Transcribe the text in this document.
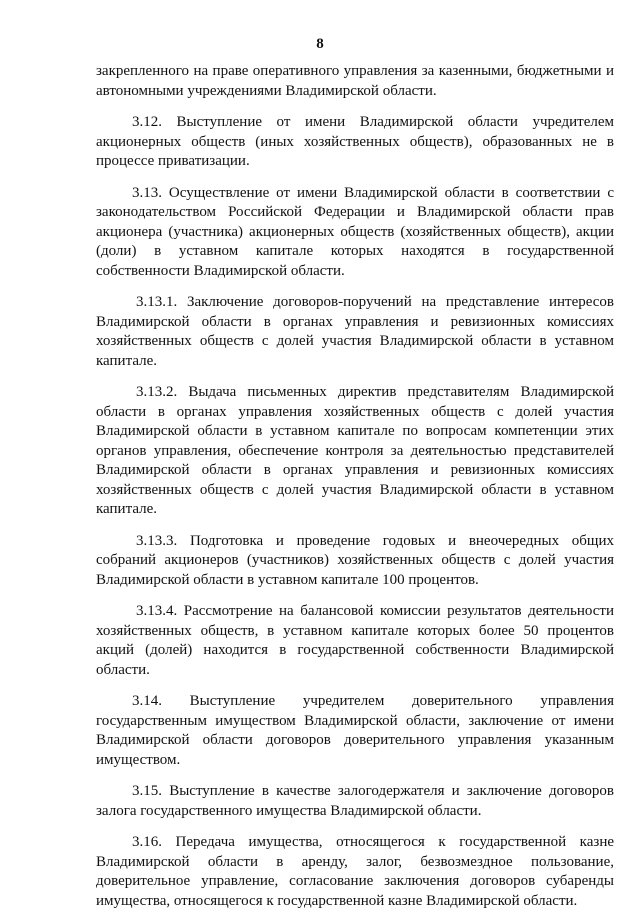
8

закрепленного на праве оперативного управления за казенными, бюджетными и автономными учреждениями Владимирской области.

3.12. Выступление от имени Владимирской области учредителем акционерных обществ (иных хозяйственных обществ), образованных не в процессе приватизации.

3.13. Осуществление от имени Владимирской области в соответствии с законодательством Российской Федерации и Владимирской области прав акционера (участника) акционерных обществ (хозяйственных обществ), акции (доли) в уставном капитале которых находятся в государственной собственности Владимирской области.

3.13.1. Заключение договоров-поручений на представление интересов Владимирской области в органах управления и ревизионных комиссиях хозяйственных обществ с долей участия Владимирской области в уставном капитале.

3.13.2. Выдача письменных директив представителям Владимирской области в органах управления хозяйственных обществ с долей участия Владимирской области в уставном капитале по вопросам компетенции этих органов управления, обеспечение контроля за деятельностью представителей Владимирской области в органах управления и ревизионных комиссиях хозяйственных обществ с долей участия Владимирской области в уставном капитале.

3.13.3. Подготовка и проведение годовых и внеочередных общих собраний акционеров (участников) хозяйственных обществ с долей участия Владимирской области в уставном капитале 100 процентов.

3.13.4. Рассмотрение на балансовой комиссии результатов деятельности хозяйственных обществ, в уставном капитале которых более 50 процентов акций (долей) находится в государственной собственности Владимирской области.

3.14. Выступление учредителем доверительного управления государственным имуществом Владимирской области, заключение от имени Владимирской области договоров доверительного управления указанным имуществом.

3.15. Выступление в качестве залогодержателя и заключение договоров залога государственного имущества Владимирской области.

3.16. Передача имущества, относящегося к государственной казне Владимирской области в аренду, залог, безвозмездное пользование, доверительное управление, согласование заключения договоров субаренды имущества, относящегося к государственной казне Владимирской области.
